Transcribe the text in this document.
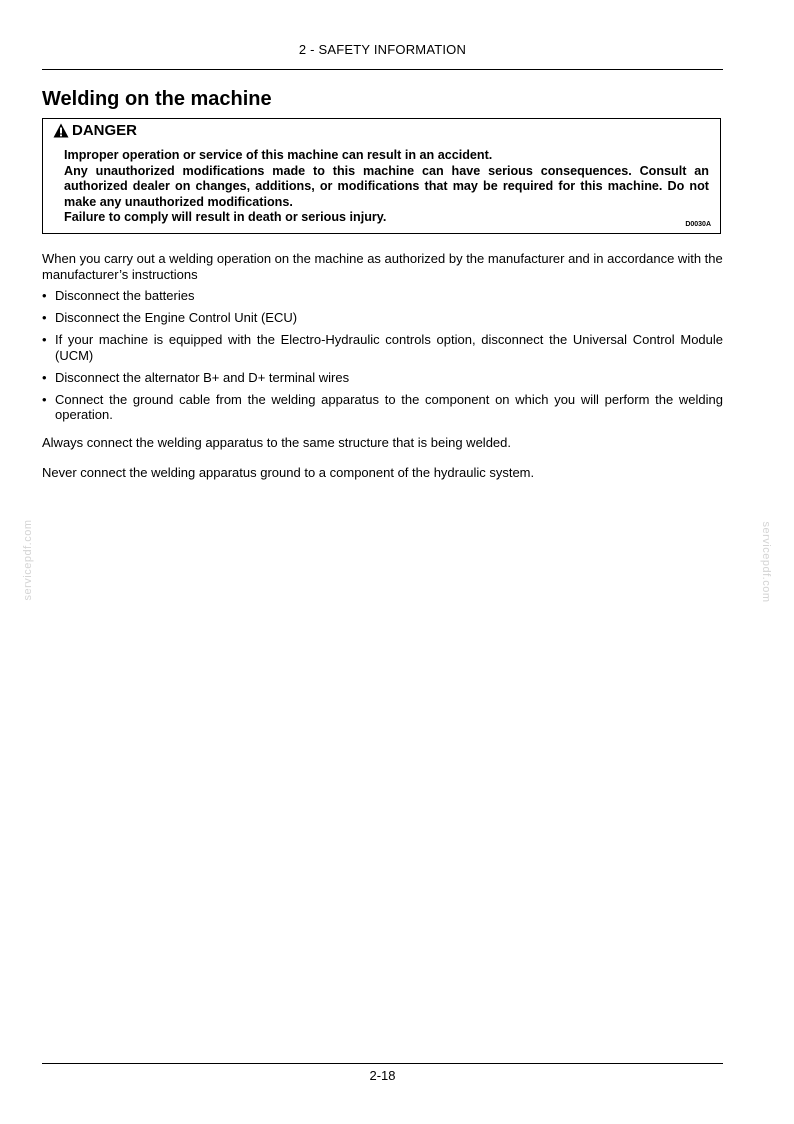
2 - SAFETY INFORMATION
Welding on the machine
DANGER
Improper operation or service of this machine can result in an accident.
Any unauthorized modifications made to this machine can have serious consequences. Consult an authorized dealer on changes, additions, or modifications that may be required for this machine. Do not make any unauthorized modifications.
Failure to comply will result in death or serious injury.
D0030A
When you carry out a welding operation on the machine as authorized by the manufacturer and in accordance with the manufacturer’s instructions
• Disconnect the batteries
• Disconnect the Engine Control Unit (ECU)
• If your machine is equipped with the Electro-Hydraulic controls option, disconnect the Universal Control Module (UCM)
• Disconnect the alternator B+ and D+ terminal wires
• Connect the ground cable from the welding apparatus to the component on which you will perform the welding operation.
Always connect the welding apparatus to the same structure that is being welded.
Never connect the welding apparatus ground to a component of the hydraulic system.
servicepdf.com	servicepdf.com
2-18
